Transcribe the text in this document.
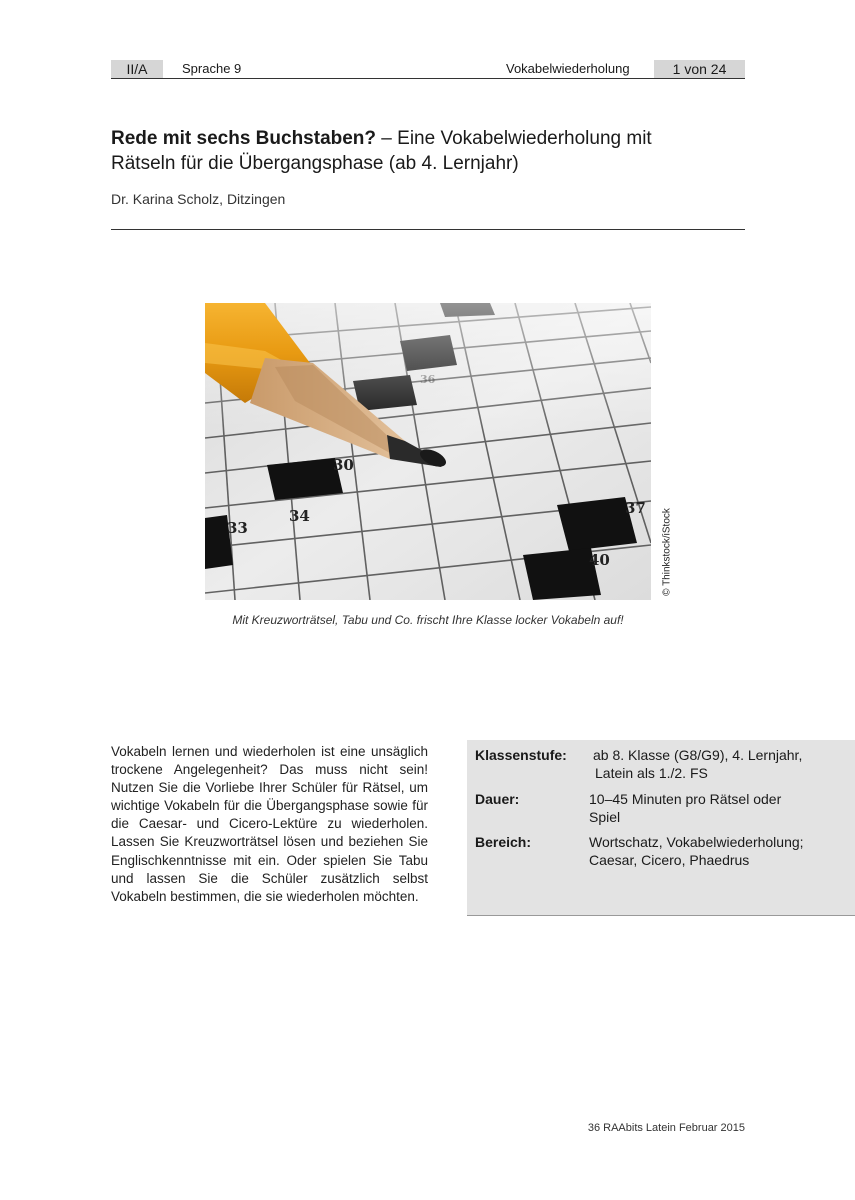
II/A	Sprache 9	Vokabelwiederholung	1 von 24
Rede mit sechs Buchstaben? – Eine Vokabelwiederholung mit
Rätseln für die Übergangsphase (ab 4. Lernjahr)
Dr. Karina Scholz, Ditzingen
© Thinkstock/iStock
Mit Kreuzworträtsel, Tabu und Co. frischt Ihre Klasse locker Vokabeln auf!
Vokabeln lernen und wiederholen ist eine unsäglich trockene Angelegenheit? Das muss nicht sein! Nutzen Sie die Vorliebe Ihrer Schüler für Rätsel, um wichtige Vokabeln für die Übergangsphase sowie für die Caesar- und Cicero-Lektüre zu wiederholen. Lassen Sie Kreuzworträtsel lösen und beziehen Sie Englischkenntnisse mit ein. Oder spielen Sie Tabu und lassen Sie die Schüler zusätzlich selbst Vokabeln bestimmen, die sie wiederholen möchten.
Klassenstufe: ab 8. Klasse (G8/G9), 4. Lernjahr,
Latein als 1./2. FS
Dauer:	10–45 Minuten pro Rätsel oder
Spiel
Bereich:	Wortschatz, Vokabelwiederholung;
Caesar, Cicero, Phaedrus
36 RAAbits Latein Februar 2015
